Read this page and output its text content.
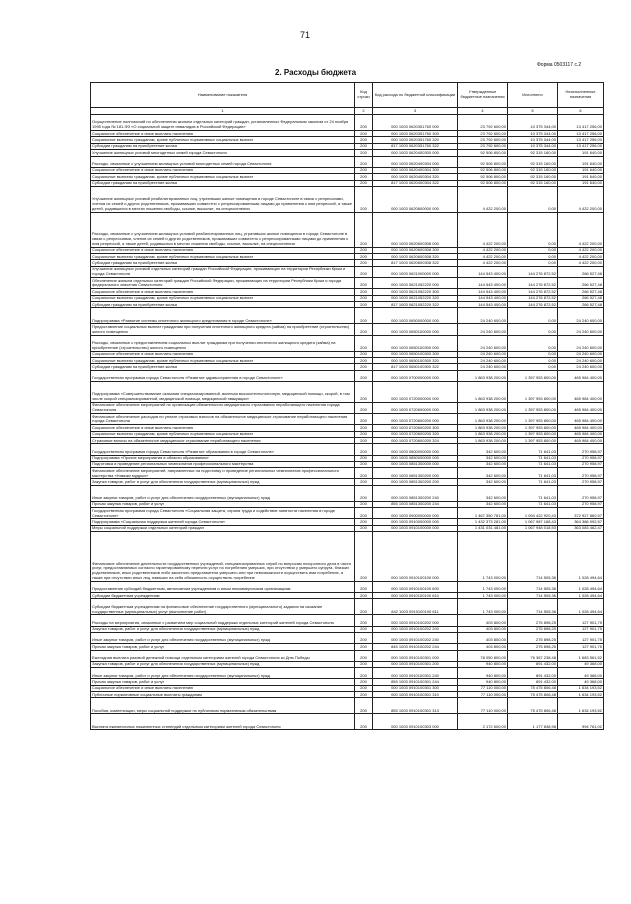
71
Форма 0503117 с.2
2. Расходы бюджета
Наименование показателя	Код строки	Код расхода по бюджетной классификации	Утвержденные бюджетные назначения	Исполнено	Неисполненные назначения
1	2	3	4	5	6
Осуществление полномочий по обеспечению жильем отдельных категорий граждан, установленных Федеральным законом от 24 ноября 1995 года № 181-ФЗ «О социальной защите инвалидов в Российской Федерации»	200	000 1003 0620351760 000	23 792 600,00	10 375 344,00	13 417 256,00
Социальное обеспечение и иные выплаты населению	200	000 1003 0620351760 300	23 792 600,00	10 375 344,00	13 417 256,00
Социальные выплаты гражданам, кроме публичных нормативных социальных выплат	200	000 1003 0620351760 320	23 792 600,00	10 375 344,00	13 417 256,00
Субсидии гражданам на приобретение жилья	200	817 1003 0620351760 322	23 792 600,00	10 375 344,00	13 417 256,00
Улучшение жилищных условий многодетных семей города Севастополя	200	000 1003 0620400300 000	92 506 800,00	92 315 160,00	191 640,00
Расходы, связанные с улучшением жилищных условий многодетных семей города Севастополя	200	000 1003 0620400304 000	92 506 800,00	92 315 160,00	191 640,00
Социальное обеспечение и иные выплаты населению	200	000 1003 0620400304 300	92 506 800,00	92 315 160,00	191 640,00
Социальные выплаты гражданам, кроме публичных нормативных социальных выплат	200	000 1003 0620400304 320	92 506 800,00	92 315 160,00	191 640,00
Субсидии гражданам на приобретение жилья	200	817 1003 0620400304 322	92 506 800,00	92 315 160,00	191 640,00
Улучшение жилищных условий реабилитированных лиц, утративших жилые помещения в городе Севастополе в связи с репрессиями, членов их семей и других родственников, проживавших совместно с репрессированными лицами до применения к ним репрессий, а также детей, родившихся в местах лишения свободы, ссылке, высылке, на спецпоселении	200	000 1003 0620600000 000	4 422 200,00	0,00	4 422 200,00
Расходы, связанные с улучшением жилищных условий реабилитированных лиц, утративших жилые помещения в городе Севастополе в связи с репрессиями, членов их семей и других родственников, проживавших совместно с репрессированными лицами до применения к ним репрессий, а также детей, родившихся в местах лишения свободы, ссылке, высылке, на спецпоселении	200	000 1003 0620600308 000	4 422 200,00	0,00	4 422 200,00
Социальное обеспечение и иные выплаты населению	200	000 1003 0620600308 300	4 422 200,00	0,00	4 422 200,00
Социальные выплаты гражданам, кроме публичных нормативных социальных выплат	200	000 1003 0620600308 320	4 422 200,00	0,00	4 422 200,00
Субсидии гражданам на приобретение жилья	200	817 1003 0620600308 322	4 422 200,00	0,00	4 422 200,00
Улучшение жилищных условий отдельных категорий граждан Российской Федерации, проживающих на территории Республики Крым и города Севастополя	200	000 1003 0621000000 000	144 543 400,00	144 276 872,52	266 527,48
Обеспечение жильем отдельных категорий граждан Российской Федерации, проживающих на территории Республики Крым и города федерального значения Севастополя	200	000 1003 0621052220 000	144 543 400,00	144 276 872,52	266 527,48
Социальное обеспечение и иные выплаты населению	200	000 1003 0621052220 300	144 543 400,00	144 276 872,52	266 527,48
Социальные выплаты гражданам, кроме публичных нормативных социальных выплат	200	000 1003 0621052220 320	144 543 400,00	144 276 872,52	266 527,48
Субсидии гражданам на приобретение жилья	200	817 1003 0621052220 322	144 543 400,00	144 276 872,52	266 527,48
Подпрограмма «Развитие системы ипотечного жилищного кредитования в городе Севастополе»	200	000 1003 0650000000 000	24 240 600,00	0,00	24 240 600,00
Предоставление социальных выплат гражданам при получении ипотечного жилищного кредита (займа) на приобретение (строительство) жилого помещения	200	000 1003 0650100000 000	24 240 600,00	0,00	24 240 600,00
Расходы, связанные с предоставлением социальных выплат гражданам при получении ипотечного жилищного кредита (займа) на приобретение (строительство) жилого помещения	200	000 1003 0650100300 000	24 240 600,00	0,00	24 240 600,00
Социальное обеспечение и иные выплаты населению	200	000 1003 0650100300 300	24 240 600,00	0,00	24 240 600,00
Социальные выплаты гражданам, кроме публичных нормативных социальных выплат	200	000 1003 0650100300 320	24 240 600,00	0,00	24 240 600,00
Субсидии гражданам на приобретение жилья	200	817 1003 0650100300 322	24 240 600,00	0,00	24 240 600,00
Государственная программа города Севастополя «Развитие здравоохранения в городе Севастополе»	200	000 1003 0700000000 000	1 863 938 200,00	1 397 953 800,00	465 984 400,00
Подпрограмма «Совершенствование оказания специализированной, включая высокотехнологичную, медицинской помощи, скорой, в том числе скорой специализированной, медицинской помощи, медицинской эвакуации»	200	000 1003 0720000000 000	1 863 938 200,00	1 397 953 800,00	465 984 400,00
Финансовое обеспечение мероприятий по организации обязательного медицинского страхования неработающего населения города Севастополя	200	000 1003 0720600000 000	1 863 938 200,00	1 397 953 800,00	465 984 400,00
Финансовое обеспечение расходов по уплате страховых взносов на обязательное медицинское страхование неработающего населения города Севастополя	200	000 1003 0720600200 000	1 863 938 200,00	1 397 953 800,00	465 984 400,00
Социальное обеспечение и иные выплаты населению	200	000 1003 0720600200 300	1 863 938 200,00	1 397 953 800,00	465 984 400,00
Социальные выплаты гражданам, кроме публичных нормативных социальных выплат	200	000 1003 0720600200 320	1 863 938 200,00	1 397 953 800,00	465 984 400,00
Страховые взносы на обязательное медицинское страхование неработающего населения	200	000 1003 0720600200 324	1 863 938 200,00	1 397 953 800,00	465 984 400,00
Государственная программа города Севастополя «Развитие образования в городе Севастополе»	200	000 1003 0800000000 000	342 600,00	71 641,03	270 958,97
Подпрограмма «Прочие мероприятия в области образования»	200	000 1003 0850000000 000	342 600,00	71 641,03	270 958,97
Подготовка и проведение региональных чемпионатов профессионального мастерства	200	000 1003 0851300000 000	342 600,00	71 641,03	270 958,97
Финансовое обеспечение мероприятий, направленных на подготовку и проведение региональных чемпионатов профессионального мастерства «Навыки мудрых»	200	000 1003 0851300200 000	342 600,00	71 641,03	270 958,97
Закупка товаров, работ и услуг для обеспечения государственных (муниципальных) нужд	200	000 1003 0851300200 200	342 600,00	71 641,03	270 958,97
Иные закупки товаров, работ и услуг для обеспечения государственных (муниципальных) нужд	200	000 1003 0851300200 240	342 600,00	71 641,03	270 958,97
Прочая закупка товаров, работ и услуг	200	855 1003 0851300200 244	342 600,00	71 641,03	270 958,97
Государственная программа города Севастополя «Социальная защита, охрана труда и содействие занятости населения в городе Севастополе»	200	000 1003 0900000000 000	1 467 350 781,00	1 094 422 920,43	372 927 860,57
Подпрограмма «Социальная поддержка жителей города Севастополя»	200	000 1003 0910000000 000	1 432 373 281,00	1 067 987 188,43	364 386 092,57
Меры социальной поддержки отдельных категорий граждан	200	000 1003 0910100000 000	1 431 031 481,00	1 067 948 018,93	363 083 462,47
Финансовое обеспечение деятельности государственных учреждений, специализированных служб по вопросам похоронного дела в части услуг, предоставляемых согласно гарантированному перечню услуг по погребению умерших, при отсутствии у умершего супруга, близких родственников, иных родственников либо законного представителя умершего или при невозможности осуществить ими погребение, а также при отсутствии иных лиц, взявших на себя обязанность осуществить погребение	200	000 1003 0910100100 000	1 743 000,00	714 505,36	1 028 494,64
Предоставление субсидий бюджетным, автономным учреждениям и иным некоммерческим организациям	200	000 1003 0910100100 600	1 743 000,00	714 505,36	1 028 494,64
Субсидии бюджетным учреждениям	200	000 1003 0910100100 610	1 743 000,00	714 505,36	1 028 494,64
Субсидии бюджетным учреждениям на финансовое обеспечение государственного (муниципального) задания на оказание государственных (муниципальных) услуг (выполнение работ)	200	842 1003 0910100100 611	1 743 000,00	714 505,36	1 028 494,64
Расходы на мероприятия, связанные с развитием мер социальной поддержки отдельных категорий жителей города Севастополя	200	000 1003 0910100202 000	403 800,00	275 898,25	127 901,75
Закупка товаров, работ и услуг для обеспечения государственных (муниципальных) нужд	200	000 1003 0910100202 200	403 800,00	275 898,25	127 901,75
Иные закупки товаров, работ и услуг для обеспечения государственных (муниципальных) нужд	200	000 1003 0910100202 240	403 800,00	275 898,25	127 901,75
Прочая закупка товаров, работ и услуг	200	845 1003 0910100202 244	403 800,00	275 898,25	127 901,75
Ежегодная выплата разовой денежной помощи отдельным категориям жителей города Севастополя ко Дню Победы	200	000 1003 0910100301 000	78 050 800,00	76 367 238,48	1 683 561,52
Закупка товаров, работ и услуг для обеспечения государственных (муниципальных) нужд	200	000 1003 0910100301 200	940 800,00	891 432,00	49 368,00
Иные закупки товаров, работ и услуг для обеспечения государственных (муниципальных) нужд	200	000 1003 0910100301 240	940 800,00	891 432,00	49 368,00
Прочая закупка товаров, работ и услуг	200	855 1003 0910100301 244	940 800,00	891 432,00	49 368,00
Социальное обеспечение и иные выплаты населению	200	000 1003 0910100301 300	77 110 000,00	75 475 806,48	1 634 193,52
Публичные нормативные социальные выплаты гражданам	200	000 1003 0910100301 310	77 110 000,00	75 475 806,48	1 634 193,52
Пособия, компенсации, меры социальной поддержки по публичным нормативным обязательствам	200	855 1003 0910100301 313	77 110 000,00	75 475 806,48	1 634 193,52
Выплата ежемесячных пожизненных стипендий отдельным категориям жителей города Севастополя	200	000 1003 0910100303 000	2 172 600,00	1 177 838,98	994 761,02
